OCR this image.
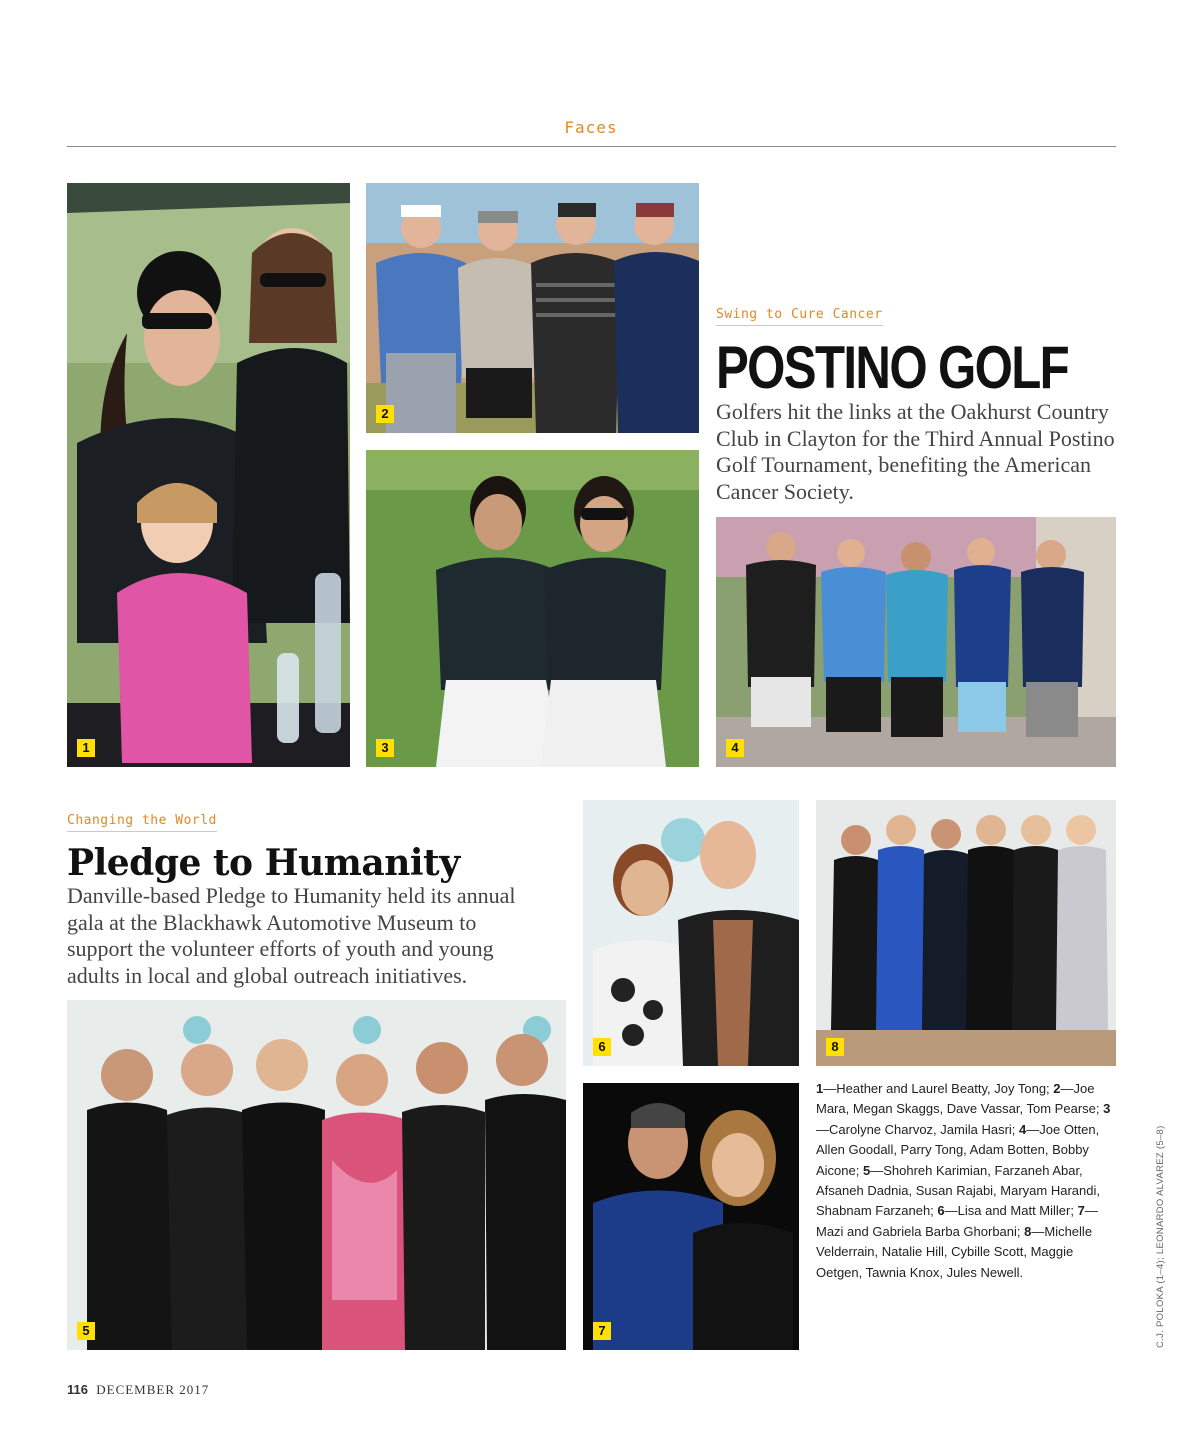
Faces
1
2
3	4
Swing to Cure Cancer
POSTINO GOLF

Golfers hit the links at the Oakhurst Country Club in Clayton for the Third Annual Postino Golf Tournament, benefiting the American Cancer Society.

Changing the World
Pledge to Humanity

Danville-based Pledge to Humanity held its annual gala at the Blackhawk Automotive Museum to support the volunteer efforts of youth and young adults in local and global outreach initiatives.

5
6	8
7

1—Heather and Laurel Beatty, Joy Tong; 2—Joe Mara, Megan Skaggs, Dave Vassar, Tom Pearse; 3—Carolyne Charvoz, Jamila Hasri; 4—Joe Otten, Allen Goodall, Parry Tong, Adam Botten, Bobby Aicone; 5—Shohreh Karimian, Farzaneh Abar, Afsaneh Dadnia, Susan Rajabi, Maryam Harandi, Shabnam Farzaneh; 6—Lisa and Matt Miller; 7—Mazi and Gabriela Barba Ghorbani; 8—Michelle Velderrain, Natalie Hill, Cybille Scott, Maggie Oetgen, Tawnia Knox, Jules Newell.	C.J. POLOKA (1–4); LEONARDO ALVAREZ (5–8)
116 DECEMBER 2017
